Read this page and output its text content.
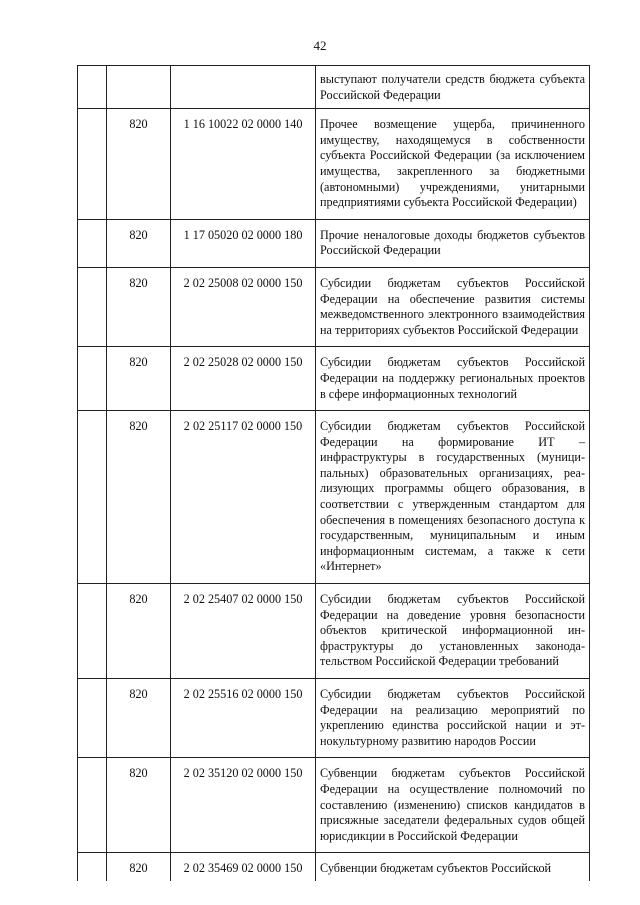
42
			выступают получатели средств бюджета субъекта Российской Федерации
	820	1 16 10022 02 0000 140	Прочее возмещение ущерба, причиненного имуществу, находящемуся в собственности субъекта Российской Федерации (за исключением имущества, закрепленного за бюджетными (автономными) учреждениями, унитарными предприятиями субъекта Российской Федерации)
	820	1 17 05020 02 0000 180	Прочие неналоговые доходы бюджетов субъектов Российской Федерации
	820	2 02 25008 02 0000 150	Субсидии бюджетам субъектов Российской Федерации на обеспечение развития системы межведомственного электронного взаимодействия на территориях субъектов Российской Федерации
	820	2 02 25028 02 0000 150	Субсидии бюджетам субъектов Российской Федерации на поддержку региональных проектов в сфере информационных технологий
	820	2 02 25117 02 0000 150	Субсидии бюджетам субъектов Российской Федерации на формирование ИТ – инфраструктуры в государственных (муниципальных) образовательных организациях, реализующих программы общего образования, в соответствии с утвержденным стандартом для обеспечения в помещениях безопасного доступа к государственным, муниципальным и иным информационным системам, а также к сети «Интернет»
	820	2 02 25407 02 0000 150	Субсидии бюджетам субъектов Российской Федерации на доведение уровня безопасности объектов критической информационной инфраструктуры до установленных законодательством Российской Федерации требований
	820	2 02 25516 02 0000 150	Субсидии бюджетам субъектов Российской Федерации на реализацию мероприятий по укреплению единства российской нации и этнокультурному развитию народов России
	820	2 02 35120 02 0000 150	Субвенции бюджетам субъектов Российской Федерации на осуществление полномочий по составлению (изменению) списков кандидатов в присяжные заседатели федеральных судов общей юрисдикции в Российской Федерации
	820	2 02 35469 02 0000 150	Субвенции бюджетам субъектов Российской
